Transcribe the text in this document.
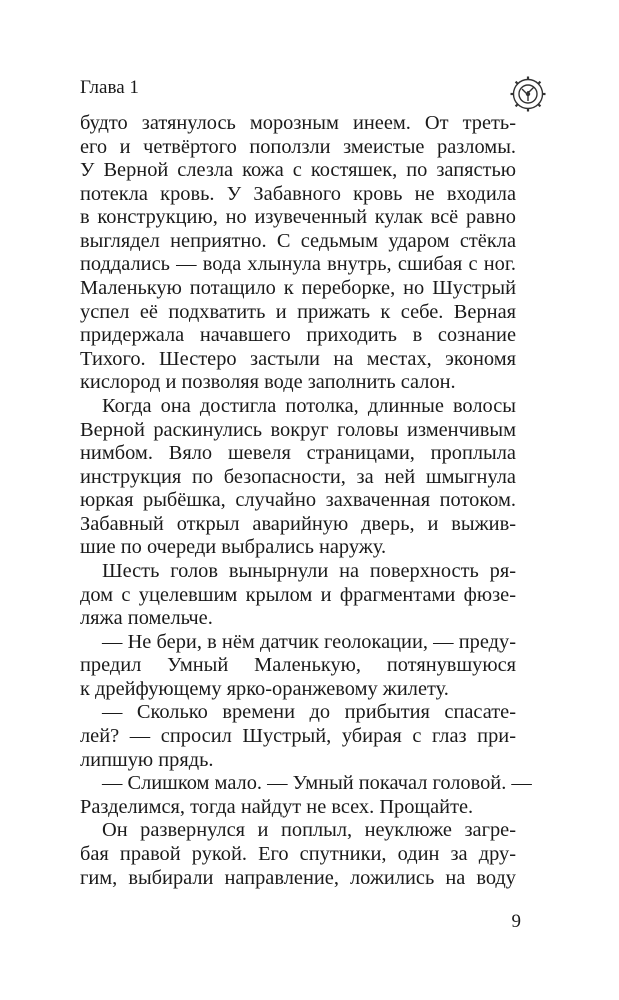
Глава 1
будто затянулось морозным инеем. От треть-
его и четвёртого поползли змеистые разломы.
У Верной слезла кожа с костяшек, по запястью
потекла кровь. У Забавного кровь не входила
в конструкцию, но изувеченный кулак всё равно
выглядел неприятно. С седьмым ударом стёкла
поддались — вода хлынула внутрь, сшибая с ног.
Маленькую потащило к переборке, но Шустрый
успел её подхватить и прижать к себе. Верная
придержала начавшего приходить в сознание
Тихого. Шестеро застыли на местах, экономя
кислород и позволяя воде заполнить салон.
Когда она достигла потолка, длинные волосы
Верной раскинулись вокруг головы изменчивым
нимбом. Вяло шевеля страницами, проплыла
инструкция по безопасности, за ней шмыгнула
юркая рыбёшка, случайно захваченная потоком.
Забавный открыл аварийную дверь, и выжив-
шие по очереди выбрались наружу.
Шесть голов вынырнули на поверхность ря-
дом с уцелевшим крылом и фрагментами фюзе-
ляжа помельче.
— Не бери, в нём датчик геолокации, — преду-
предил Умный Маленькую, потянувшуюся
к дрейфующему ярко-оранжевому жилету.
— Сколько времени до прибытия спасате-
лей? — спросил Шустрый, убирая с глаз при-
липшую прядь.
— Слишком мало. — Умный покачал головой. —
Разделимся, тогда найдут не всех. Прощайте.
Он развернулся и поплыл, неуклюже загре-
бая правой рукой. Его спутники, один за дру-
гим, выбирали направление, ложились на воду
9
